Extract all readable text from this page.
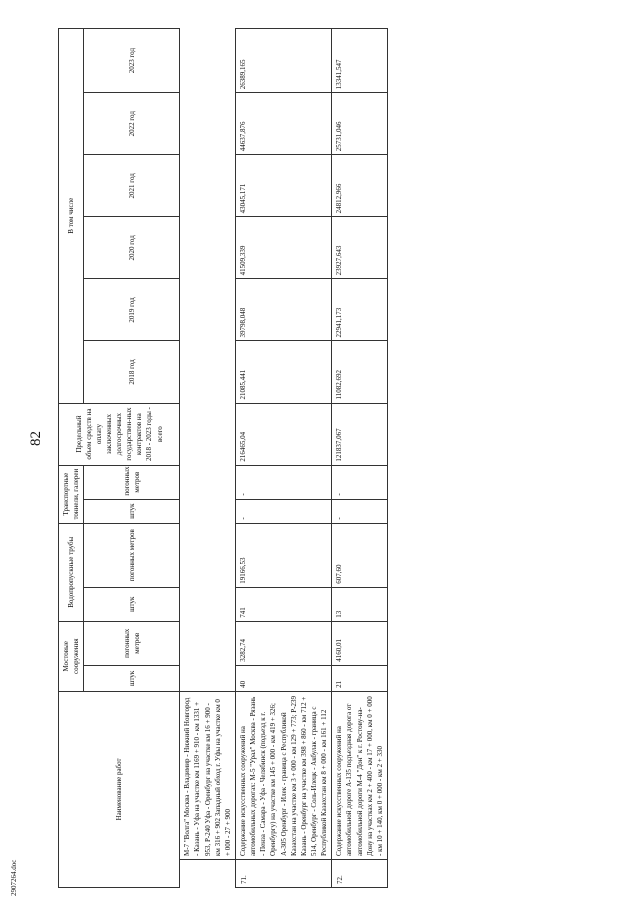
82
2907264.doc
Наименование работ		Мостовые сооружения		Водопропускные трубы		Транспортные тоннели, галереи		Предельный объем средств на оплату заключенных долгосрочных государствен-ных контрактов на 2018 - 2023 годы - всего	В том числе					
		штук	погонных метров	штук	погонных метров	штук	погонных метров		2018 год	2019 год	2020 год	2021 год	2022 год	2023 год
	М-7 "Волга" Москва - Владимир - Нижний Новгород - Казань - Уфа на участке км 1169 + 910 - км 1331 + 953, Р-240 Уфа - Оренбург на участке км 16 + 900 - км 316 + 902 Западный обход г. Уфы на участке км 0 + 000 - 27 + 900													
71.	Содержание искусственных сооружений на автомобильных дорогах: М-5 "Урал" Москва - Рязань - Пенза - Самара - Уфа - Челябинск (подъезд к г. Оренбургу) на участке км 145 + 000 - км 419 + 326; А-305 Оренбург - Илек - граница с Республикой Казахстан на участке км 3 + 000 - км 129 + 773; Р-239 Казань - Оренбург на участке км 398 + 860 - км 712 + 514, Оренбург - Соль-Илецк - Акбулак - граница с Республикой Казахстан км 8 + 000 - км 161 + 112	40	3282,74	741	19166,53	-	-	216465,04	21085,441	39798,048	41509,339	43045,171	44637,876	26389,165
72.	Содержание искусственных сооружений на автомобильной дороге А-135 подъездная дорога от автомобильной дороги М-4 "Дон" к г. Ростову-на-Дону на участках км 2 + 400 - км 17 + 000, км 0 + 000 - км 10 + 140, км 0 + 000 - км 2 + 330	21	4160,01	13	607,60	-	-	121837,067	11082,692	22941,173	23927,643	24812,966	25731,046	13341,547
